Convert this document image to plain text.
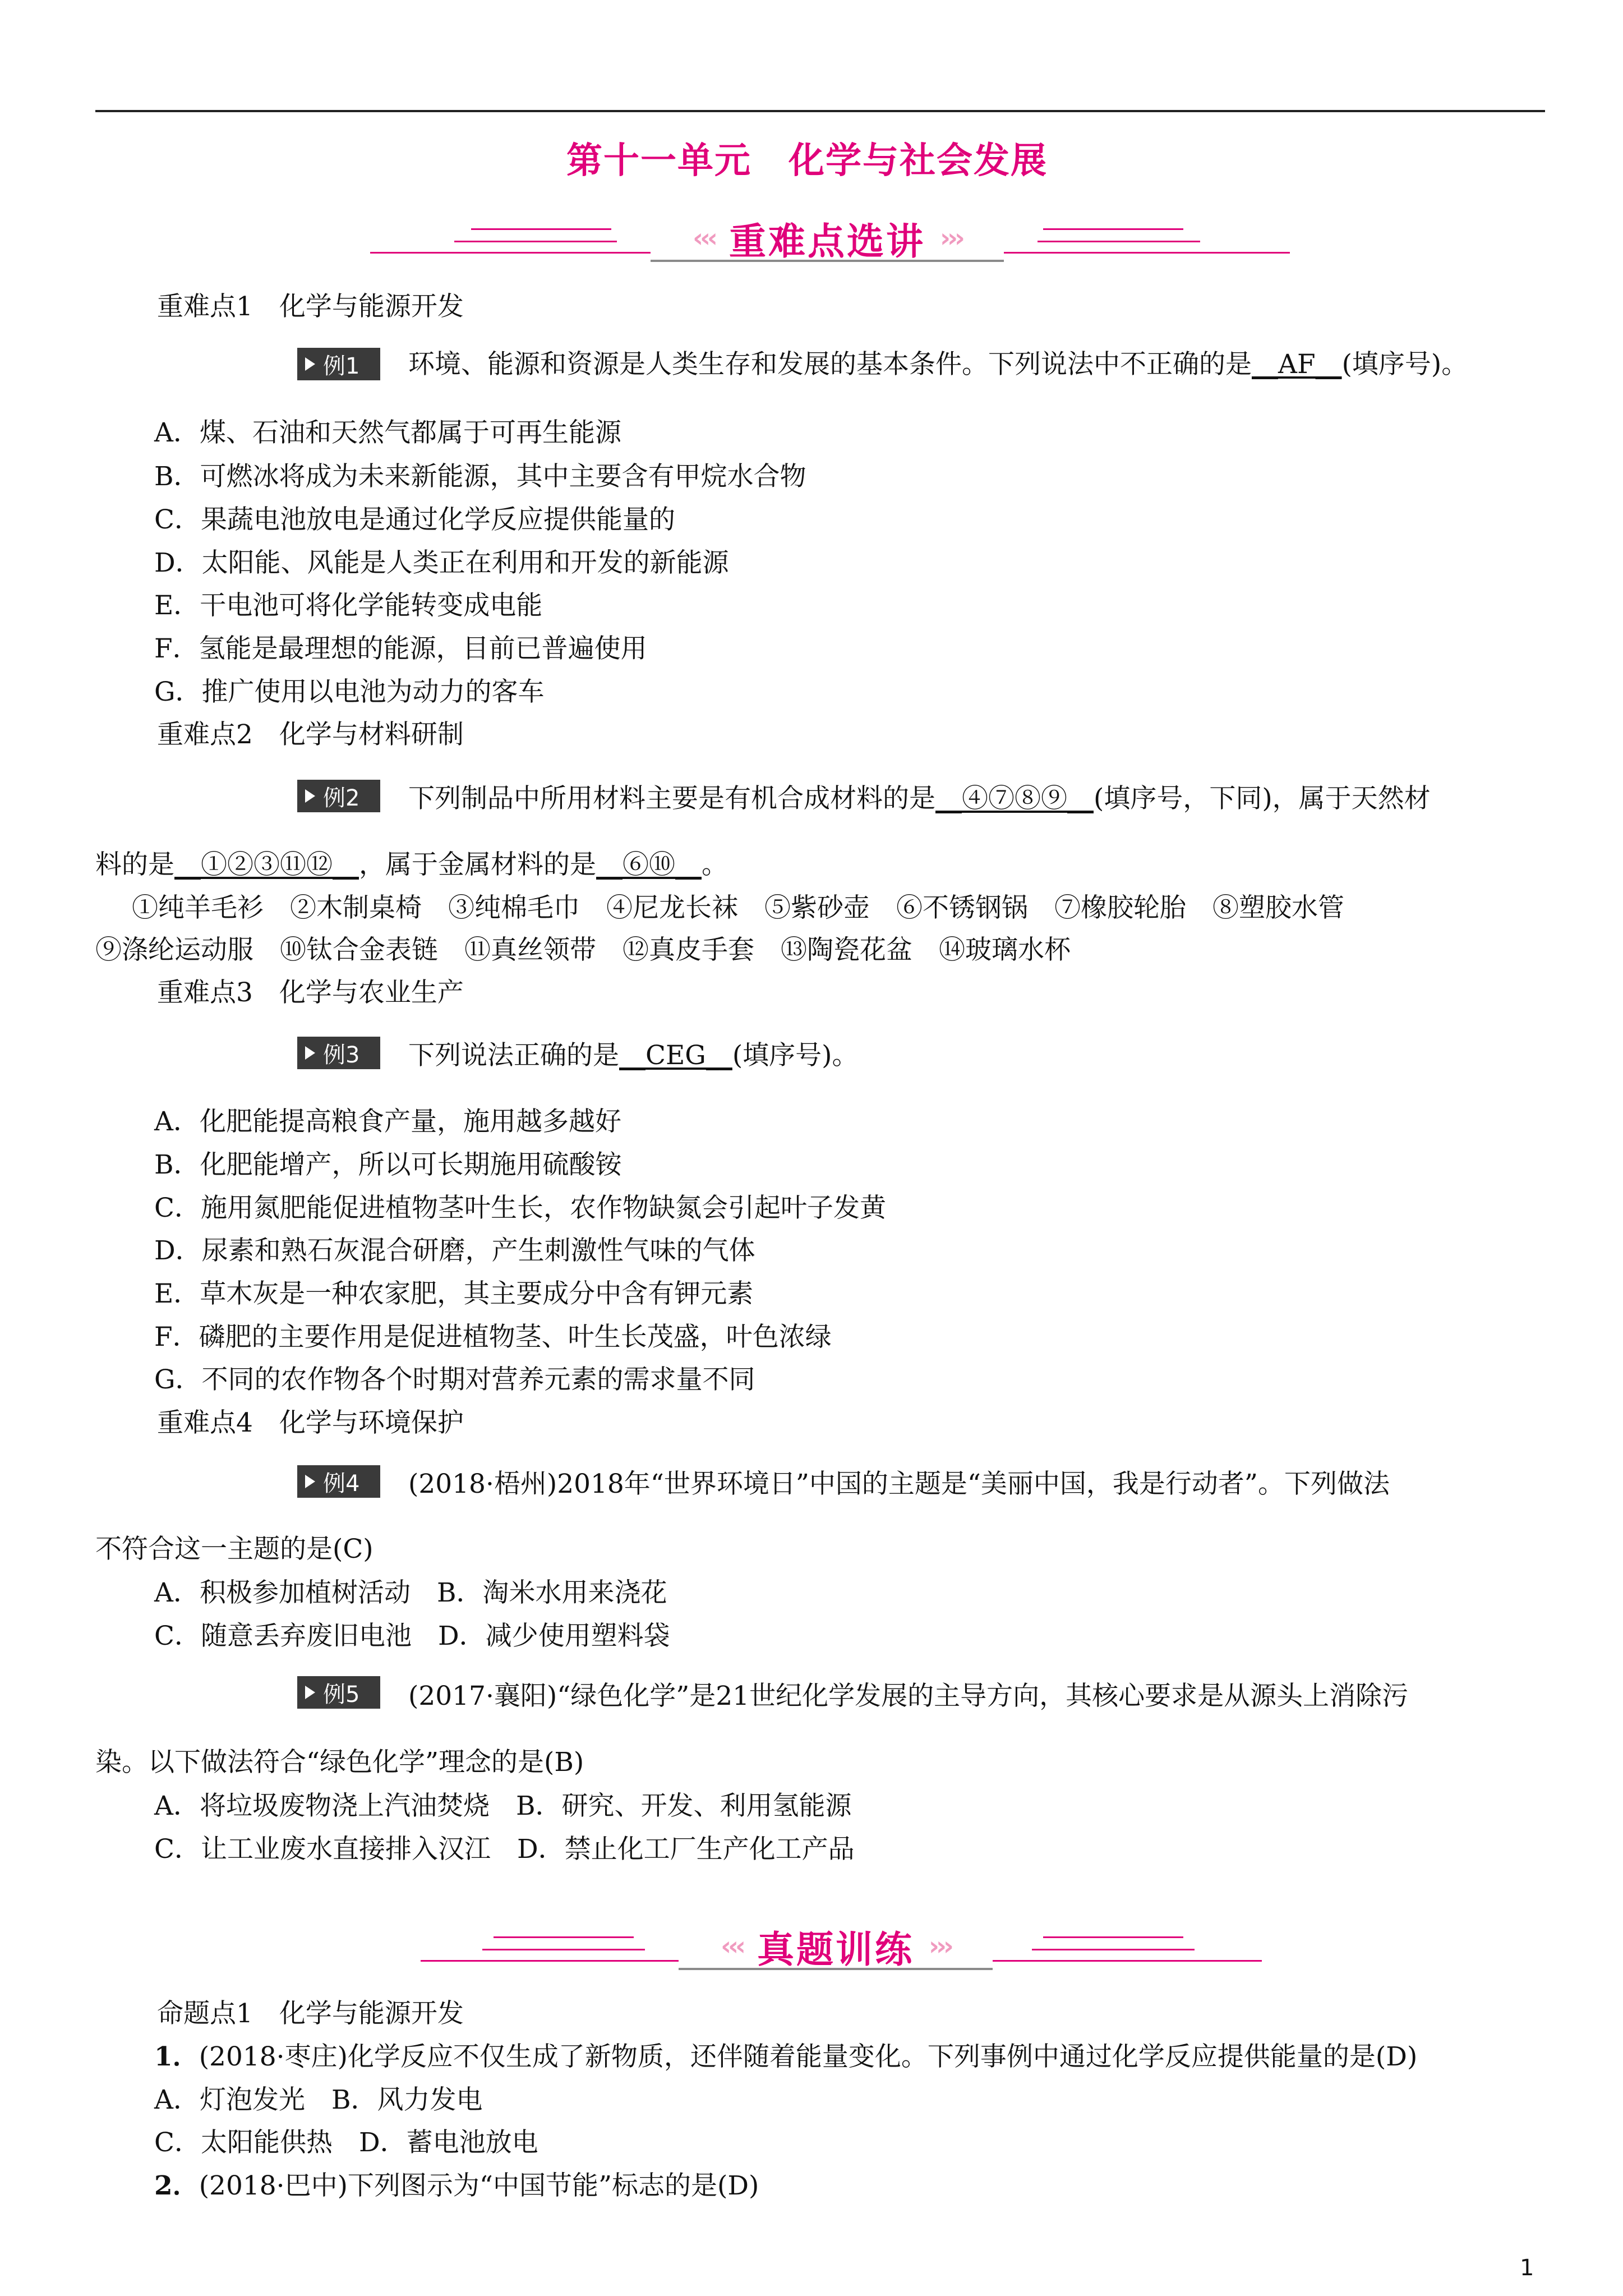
第十一单元　化学与社会发展
‹‹‹ 重难点选讲 ›››
重难点1　化学与能源开发
例1 环境、能源和资源是人类生存和发展的基本条件。下列说法中不正确的是__AF__(填序号)。
A．煤、石油和天然气都属于可再生能源
B．可燃冰将成为未来新能源，其中主要含有甲烷水合物
C．果蔬电池放电是通过化学反应提供能量的
D．太阳能、风能是人类正在利用和开发的新能源
E．干电池可将化学能转变成电能
F．氢能是最理想的能源，目前已普遍使用
G．推广使用以电池为动力的客车
重难点2　化学与材料研制
例2 下列制品中所用材料主要是有机合成材料的是__④⑦⑧⑨__(填序号，下同)，属于天然材
料的是__①②③⑪⑫__，属于金属材料的是__⑥⑩__。
①纯羊毛衫　②木制桌椅　③纯棉毛巾　④尼龙长袜　⑤紫砂壶　⑥不锈钢锅　⑦橡胶轮胎　⑧塑胶水管
⑨涤纶运动服　⑩钛合金表链　⑪真丝领带　⑫真皮手套　⑬陶瓷花盆　⑭玻璃水杯
重难点3　化学与农业生产
例3 下列说法正确的是__CEG__(填序号)。
A．化肥能提高粮食产量，施用越多越好
B．化肥能增产，所以可长期施用硫酸铵
C．施用氮肥能促进植物茎叶生长，农作物缺氮会引起叶子发黄
D．尿素和熟石灰混合研磨，产生刺激性气味的气体
E．草木灰是一种农家肥，其主要成分中含有钾元素
F．磷肥的主要作用是促进植物茎、叶生长茂盛，叶色浓绿
G．不同的农作物各个时期对营养元素的需求量不同
重难点4　化学与环境保护
例4 (2018·梧州)2018年“世界环境日”中国的主题是“美丽中国，我是行动者”。下列做法
不符合这一主题的是(C)
A．积极参加植树活动　B．淘米水用来浇花
C．随意丢弃废旧电池　D．减少使用塑料袋
例5 (2017·襄阳)“绿色化学”是21世纪化学发展的主导方向，其核心要求是从源头上消除污
染。以下做法符合“绿色化学”理念的是(B)
A．将垃圾废物浇上汽油焚烧　B．研究、开发、利用氢能源
C．让工业废水直接排入汉江　D．禁止化工厂生产化工产品
‹‹‹ 真题训练 ›››
命题点1　化学与能源开发
1．(2018·枣庄)化学反应不仅生成了新物质，还伴随着能量变化。下列事例中通过化学反应提供能量的是(D)
A．灯泡发光　B．风力发电
C．太阳能供热　D．蓄电池放电
2．(2018·巴中)下列图示为“中国节能”标志的是(D)
1
